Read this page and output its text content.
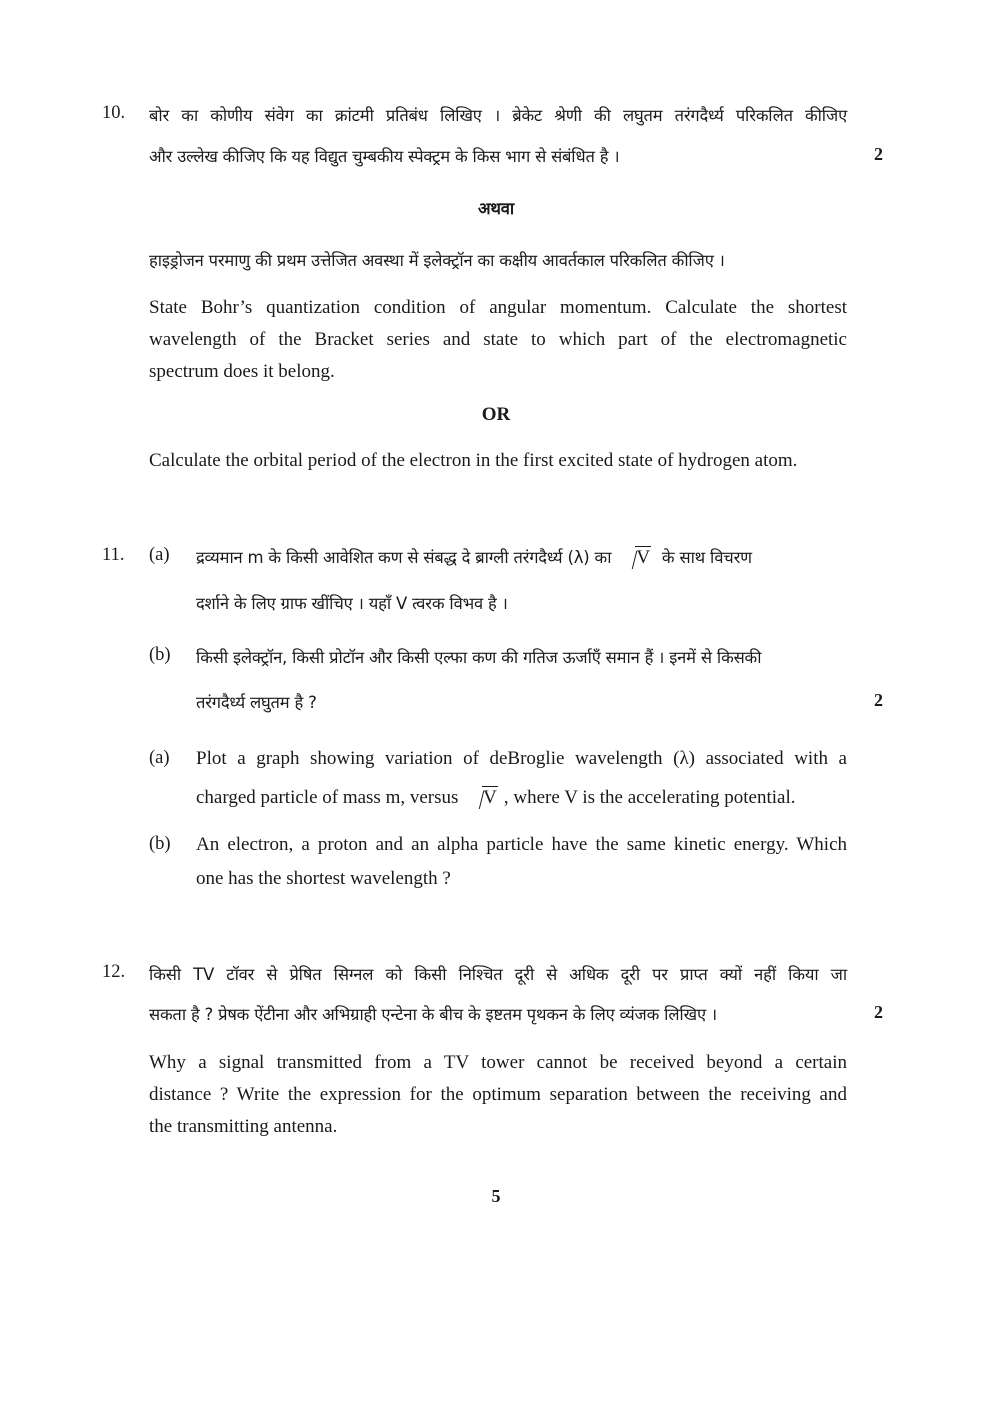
10. बोर का कोणीय संवेग का क्रांटमी प्रतिबंध लिखिए । ब्रेकेट श्रेणी की लघुतम तरंगदैर्ध्य परिकलित कीजिए
और उल्लेख कीजिए कि यह विद्युत चुम्बकीय स्पेक्ट्रम के किस भाग से संबंधित है ।	2
अथवा
हाइड्रोजन परमाणु की प्रथम उत्तेजित अवस्था में इलेक्ट्रॉन का कक्षीय आवर्तकाल परिकलित कीजिए ।
State Bohr’s quantization condition of angular momentum. Calculate the shortest
wavelength of the Bracket series and state to which part of the electromagnetic
spectrum does it belong.
OR
Calculate the orbital period of the electron in the first excited state of hydrogen atom.
11. (a) द्रव्यमान m के किसी आवेशित कण से संबद्ध दे ब्राग्ली तरंगदैर्ध्य (λ) का V के साथ विचरण
दर्शाने के लिए ग्राफ खींचिए । यहाँ V त्वरक विभव है ।
(b) किसी इलेक्ट्रॉन, किसी प्रोटॉन और किसी एल्फा कण की गतिज ऊर्जाएँ समान हैं । इनमें से किसकी
तरंगदैर्ध्य लघुतम है ?	2
(a) Plot a graph showing variation of deBroglie wavelength (λ) associated with a
charged particle of mass m, versus V , where V is the accelerating potential.
(b) An electron, a proton and an alpha particle have the same kinetic energy. Which
one has the shortest wavelength ?
12. किसी TV टॉवर से प्रेषित सिग्नल को किसी निश्चित दूरी से अधिक दूरी पर प्राप्त क्यों नहीं किया जा
सकता है ? प्रेषक ऐंटीना और अभिग्राही एन्टेना के बीच के इष्टतम पृथकन के लिए व्यंजक लिखिए ।	2
Why a signal transmitted from a TV tower cannot be received beyond a certain
distance ? Write the expression for the optimum separation between the receiving and
the transmitting antenna.
5
